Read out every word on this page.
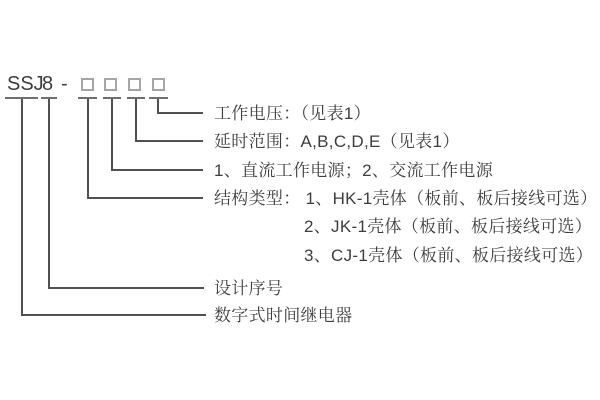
SSJ
8 -
工作电压：（见表1）
延时范围：A,B,C,D,E（见表1）
1、直流工作电源；2、交流工作电源
结构类型： 1、HK-1壳体（板前、板后接线可选）
2、JK-1壳体（板前、板后接线可选）
3、CJ-1壳体（板前、板后接线可选）
设计序号
数字式时间继电器
